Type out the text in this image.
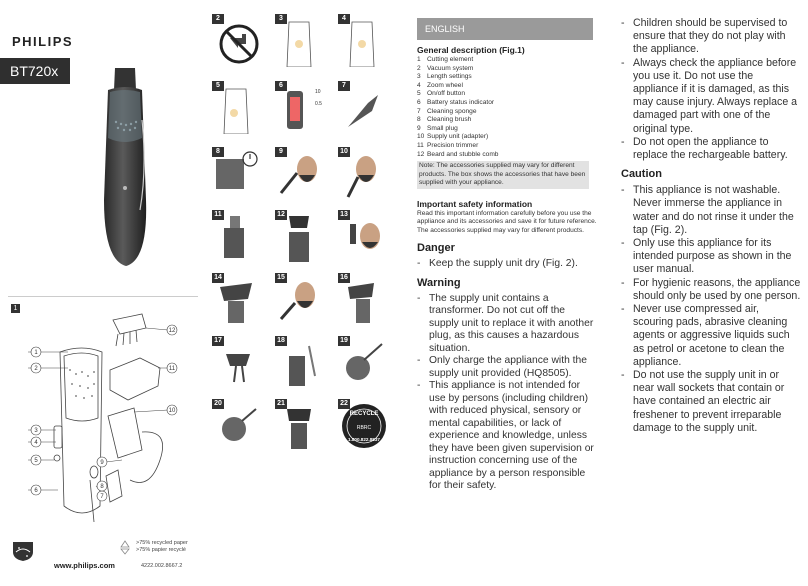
PHILIPS
BT720x
1
1
2
3
4
5
6
7
8
9
10
11
12
www.philips.com
>75% recycled paper
>75% papier recyclé
4222.002.8667.2
2	3	4
5
10
0.5
6	7
8	9	10
11	12	13
14	15	16
17	18	19
20	21
RECYCLE
RBRC
1.800.822.8837
22
ENGLISH
General description (Fig.1)
1 Cutting element
2 Vacuum system
3 Length settings
4 Zoom wheel
5 On/off button
6 Battery status indicator
7 Cleaning sponge
8 Cleaning brush
9 Small plug
10 Supply unit (adapter)
11 Precision trimmer
12 Beard and stubble comb
Note: The accessories supplied may vary for different products. The box shows the accessories that have been supplied with your appliance.
Important safety information

Read this important information carefully before you use the appliance and its accessories and save it for future reference. The accessories supplied may vary for different products.

Danger
- Keep the supply unit dry (Fig. 2).
Warning
- The supply unit contains a transformer. Do not cut off the supply unit to replace it with another plug, as this causes a hazardous situation.
- Only charge the appliance with the supply unit provided (HQ8505).
- This appliance is not intended for use by persons (including children) with reduced physical, sensory or mental capabilities, or lack of experience and knowledge, unless they have been given supervision or instruction concerning use of the appliance by a person responsible for their safety.
- Children should be supervised to ensure that they do not play with the appliance.
- Always check the appliance before you use it. Do not use the appliance if it is damaged, as this may cause injury. Always replace a damaged part with one of the original type.
- Do not open the appliance to replace the rechargeable battery.
Caution
- This appliance is not washable. Never immerse the appliance in water and do not rinse it under the tap (Fig. 2).
- Only use this appliance for its intended purpose as shown in the user manual.
- For hygienic reasons, the appliance should only be used by one person.
- Never use compressed air, scouring pads, abrasive cleaning agents or aggressive liquids such as petrol or acetone to clean the appliance.
- Do not use the supply unit in or near wall sockets that contain or have contained an electric air freshener to prevent irreparable damage to the supply unit.
